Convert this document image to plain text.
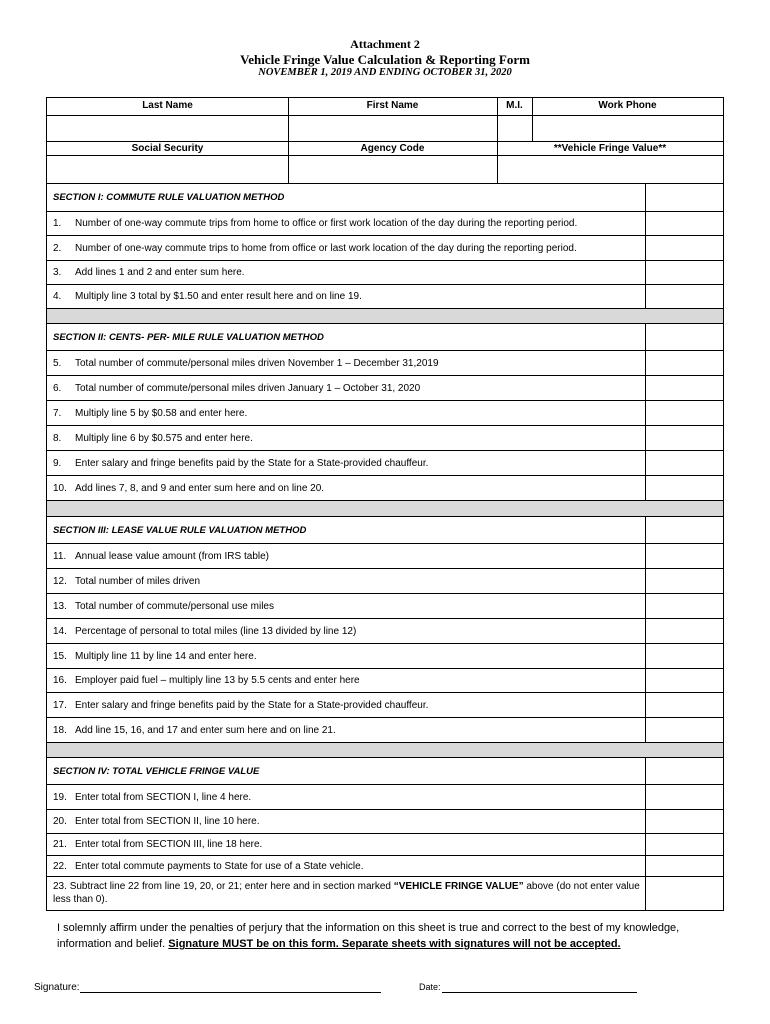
Attachment 2
Vehicle Fringe Value Calculation & Reporting Form
NOVEMBER 1, 2019 AND ENDING OCTOBER 31, 2020
Last Name	First Name	M.I.	Work Phone
Social Security	Agency Code	**Vehicle Fringe Value**
SECTION I: COMMUTE RULE VALUATION METHOD
1.	Number of one-way commute trips from home to office or first work location of the day during the reporting period.
2.	Number of one-way commute trips to home from office or last work location of the day during the reporting period.
3.	Add lines 1 and 2 and enter sum here.
4.	Multiply line 3 total by $1.50 and enter result here and on line 19.
SECTION II: CENTS- PER- MILE RULE VALUATION METHOD
5.	Total number of commute/personal miles driven November 1 – December 31,2019
6.	Total number of commute/personal miles driven January 1 – October 31, 2020
7.	Multiply line 5 by $0.58 and enter here.
8.	Multiply line 6 by $0.575 and enter here.
9.	Enter salary and fringe benefits paid by the State for a State-provided chauffeur.
10. Add lines 7, 8, and 9 and enter sum here and on line 20.
SECTION III: LEASE VALUE RULE VALUATION METHOD
11. Annual lease value amount (from IRS table)
12. Total number of miles driven
13. Total number of commute/personal use miles
14. Percentage of personal to total miles (line 13 divided by line 12)
15. Multiply line 11 by line 14 and enter here.
16. Employer paid fuel – multiply line 13 by 5.5 cents and enter here
17. Enter salary and fringe benefits paid by the State for a State-provided chauffeur.
18. Add line 15, 16, and 17 and enter sum here and on line 21.
SECTION IV: TOTAL VEHICLE FRINGE VALUE
19. Enter total from SECTION I, line 4 here.
20. Enter total from SECTION II, line 10 here.
21. Enter total from SECTION III, line 18 here.
22. Enter total commute payments to State for use of a State vehicle.
23. Subtract line 22 from line 19, 20, or 21; enter here and in section marked “VEHICLE FRINGE VALUE” above (do not enter value less than 0).
I solemnly affirm under the penalties of perjury that the information on this sheet is true and correct to the best of my knowledge, information and belief. Signature MUST be on this form. Separate sheets with signatures will not be accepted.
Signature:	Date:
